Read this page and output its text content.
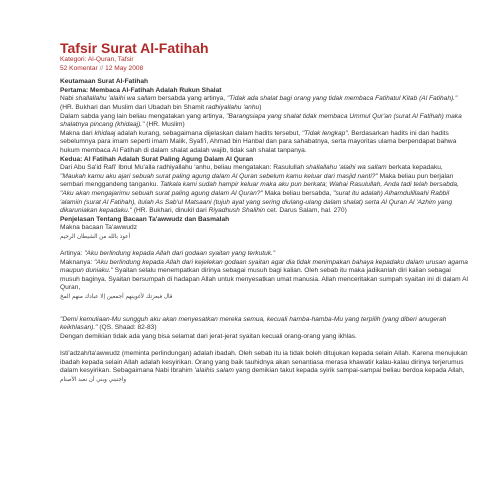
Tafsir Surat Al-Fatihah
Kategori: Al-Quran, Tafsir
52 Komentar // 12 May 2008

Keutamaan Surat Al-Fatihah

Pertama: Membaca Al-Fatihah Adalah Rukun Shalat

Nabi shallallahu 'alaihi wa sallam bersabda yang artinya, "Tidak ada shalat bagi orang yang tidak membaca Fatihatul Kitab (Al Fatihah)." (HR. Bukhari dan Muslim dari Ubadah bin Shamit radhiyallahu 'anhu)

Dalam sabda yang lain beliau mengatakan yang artinya, "Barangsiapa yang shalat tidak membaca Ummul Qur'an (surat Al Fatihah) maka shalatnya pincang (khidaaj)." (HR. Muslim)

Makna dari khidaaj adalah kurang, sebagaimana dijelaskan dalam hadits tersebut, "Tidak lengkap". Berdasarkan hadits ini dan hadits sebelumnya para imam seperti imam Malik, Syafi'i, Ahmad bin Hanbal dan para sahabatnya, serta mayoritas ulama berpendapat bahwa hukum membaca Al Fatihah di dalam shalat adalah wajib, tidak sah shalat tanpanya.

Kedua: Al Fatihah Adalah Surat Paling Agung Dalam Al Quran

Dari Abu Sa'id Rafi' Ibnul Mu'alla radhiyallahu 'anhu, beliau mengatakan: Rasulullah shallallahu 'alaihi wa sallam berkata kepadaku, "Maukah kamu aku ajari sebuah surat paling agung dalam Al Quran sebelum kamu keluar dari masjid nanti?" Maka beliau pun berjalan sembari menggandeng tanganku. Tatkala kami sudah hampir keluar maka aku pun berkata; Wahai Rasulullah, Anda tadi telah bersabda, "Aku akan mengajarimu sebuah surat paling agung dalam Al Quran?" Maka beliau bersabda, "surat itu adalah) Alhamdulillaahi Rabbil 'alamiin (surat Al Fatihah), itulah As Sab'ul Matsaani (tujuh ayat yang sering diulang-ulang dalam shalat) serta Al Quran Al 'Azhim yang dikaruniakan kepadaku." (HR. Bukhari, dinukil dari Riyadhush Shalihin cet. Darus Salam, hal. 270)

Penjelasan Tentang Bacaan Ta'awwudz dan Basmalah

Makna bacaan Ta'awwudz

أعوذ بالله من الشيطان الرجيم

Artinya: "Aku berlindung kepada Allah dari godaan syaitan yang terkutuk."

Maknanya: "Aku berlindung kepada Allah dari kejelekan godaan syaitan agar dia tidak menimpakan bahaya kepadaku dalam urusan agama maupun duniaku." Syaitan selalu menempatkan dirinya sebagai musuh bagi kalian. Oleh sebab itu maka jadikanlah diri kalian sebagai musuh baginya. Syaitan bersumpah di hadapan Allah untuk menyesatkan umat manusia. Allah menceritakan sumpah syaitan ini di dalam Al Quran,

قال فبعزتك لأغوينهم أجمعين إلا عبادك منهم المخ

"Demi kemuliaan-Mu sungguh aku akan menyesatkan mereka semua, kecuali hamba-hamba-Mu yang terpilih (yang diberi anugerah keikhlasan)." (QS. Shaad: 82-83)

Dengan demikian tidak ada yang bisa selamat dari jerat-jerat syaitan kecuali orang-orang yang ikhlas.

Isti'adzah/ta'awwudz (meminta perlindungan) adalah ibadah. Oleh sebab itu ia tidak boleh ditujukan kepada selain Allah. Karena menujukan ibadah kepada selain Allah adalah kesyirikan. Orang yang baik tauhidnya akan senantiasa merasa khawatir kalau-kalau dirinya terjerumus dalam kesyirikan. Sebagaimana Nabi Ibrahim 'alaihis salam yang demikian takut kepada syirik sampai-sampai beliau berdoa kepada Allah,

واجنبني وبني أن نعبد الأصنام
